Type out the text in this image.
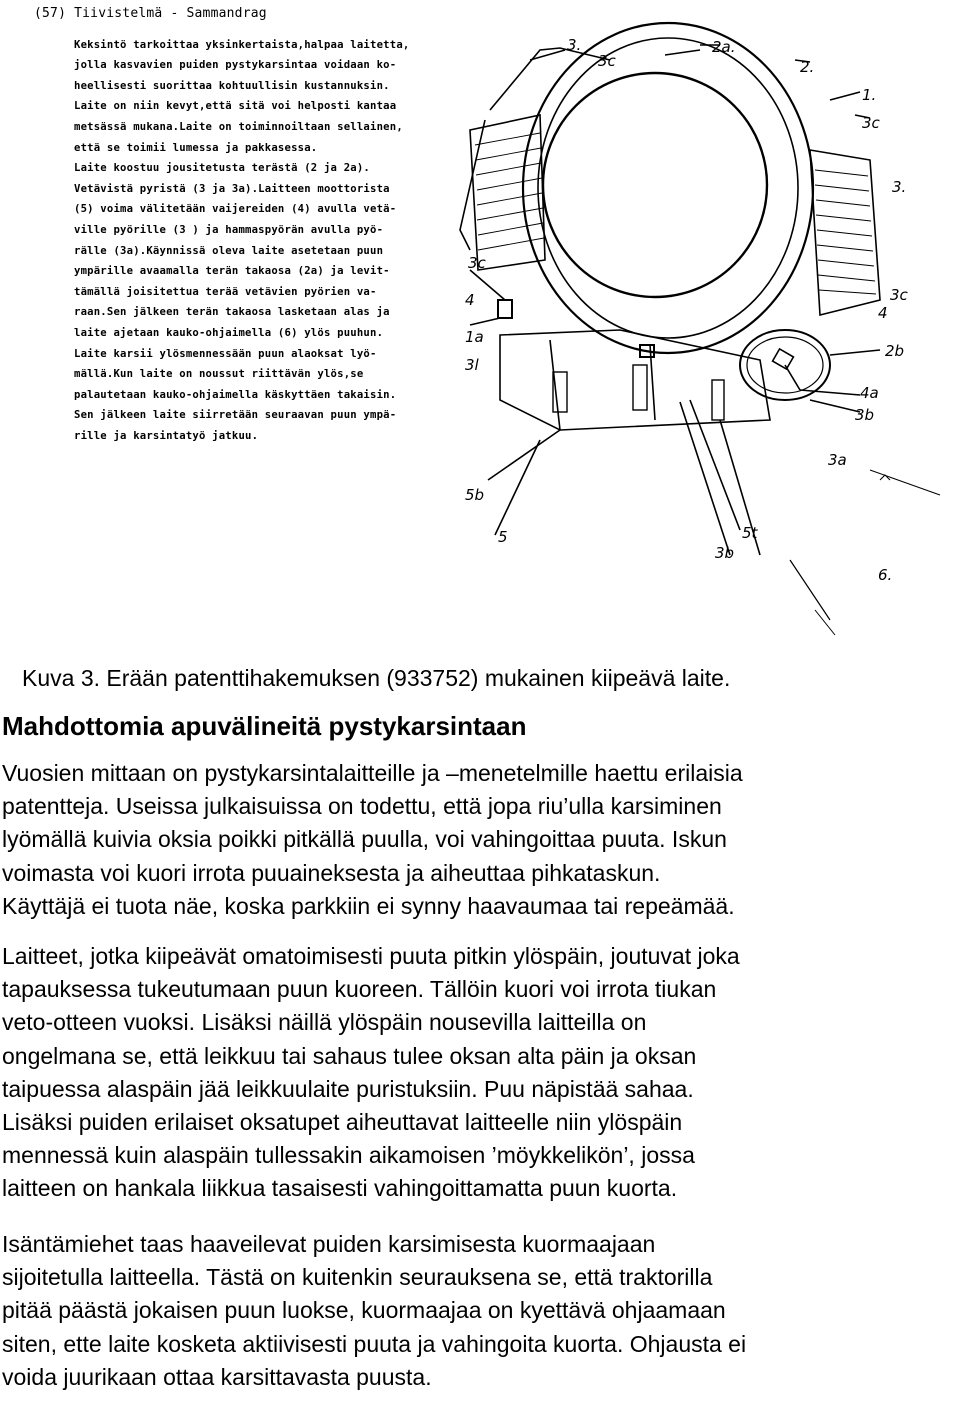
(57) Tiivistelmä - Sammandrag
Keksintö tarkoittaa yksinkertaista,halpaa laitetta,
jolla kasvavien puiden pystykarsintaa voidaan ko-
heellisesti suorittaa kohtuullisin kustannuksin.
Laite on niin kevyt,että sitä voi helposti kantaa
metsässä mukana.Laite on toiminnoiltaan sellainen,
että se toimii lumessa ja pakkasessa.
Laite koostuu jousitetusta terästä (2 ja 2a).
Vetävistä pyristä (3 ja 3a).Laitteen moottorista
(5) voima välitetään vaijereiden (4) avulla vetä-
ville pyörille (3 ) ja hammaspyörän avulla pyö-
rälle (3a).Käynnissä oleva laite asetetaan puun
ympärille avaamalla terän takaosa (2a) ja levit-
tämällä joisitettua terää vetävien pyörien va-
raan.Sen jälkeen terän takaosa lasketaan alas ja
laite ajetaan kauko-ohjaimella (6) ylös puuhun.
Laite karsii ylösmennessään puun alaoksat lyö-
mällä.Kun laite on noussut riittävän ylös,se
palautetaan kauko-ohjaimella käskyttäen takaisin.
Sen jälkeen laite siirretään seuraavan puun ympä-
rille ja karsintatyö jatkuu.
3.
3c
2a.
2.
1.
3c
3.
3c
4
1a
3l
3c
4
2b
4a
3b
3a
5b
5	5t
3b
6.
Kuva 3. Erään patenttihakemuksen (933752) mukainen kiipeävä laite.
Mahdottomia apuvälineitä pystykarsintaan
Vuosien mittaan on pystykarsintalaitteille ja –menetelmille haettu erilaisia
patentteja. Useissa julkaisuissa on todettu, että jopa riu’ulla karsiminen
lyömällä kuivia oksia poikki pitkällä puulla, voi vahingoittaa puuta. Iskun
voimasta voi kuori irrota puuaineksesta ja aiheuttaa pihkataskun.
Käyttäjä ei tuota näe, koska parkkiin ei synny haavaumaa tai repeämää.
Laitteet, jotka kiipeävät omatoimisesti puuta pitkin ylöspäin, joutuvat joka
tapauksessa tukeutumaan puun kuoreen. Tällöin kuori voi irrota tiukan
veto-otteen vuoksi. Lisäksi näillä ylöspäin nousevilla laitteilla on
ongelmana se, että leikkuu tai sahaus tulee oksan alta päin ja oksan
taipuessa alaspäin jää leikkuulaite puristuksiin. Puu näpistää sahaa.
Lisäksi puiden erilaiset oksatupet aiheuttavat laitteelle niin ylöspäin
mennessä kuin alaspäin tullessakin aikamoisen ’möykkelikön’, jossa
laitteen on hankala liikkua tasaisesti vahingoittamatta puun kuorta.
Isäntämiehet taas haaveilevat puiden karsimisesta kuormaajaan
sijoitetulla laitteella. Tästä on kuitenkin seurauksena se, että traktorilla
pitää päästä jokaisen puun luokse, kuormaajaa on kyettävä ohjaamaan
siten, ette laite kosketa aktiivisesti puuta ja vahingoita kuorta. Ohjausta ei
voida juurikaan ottaa karsittavasta puusta.
